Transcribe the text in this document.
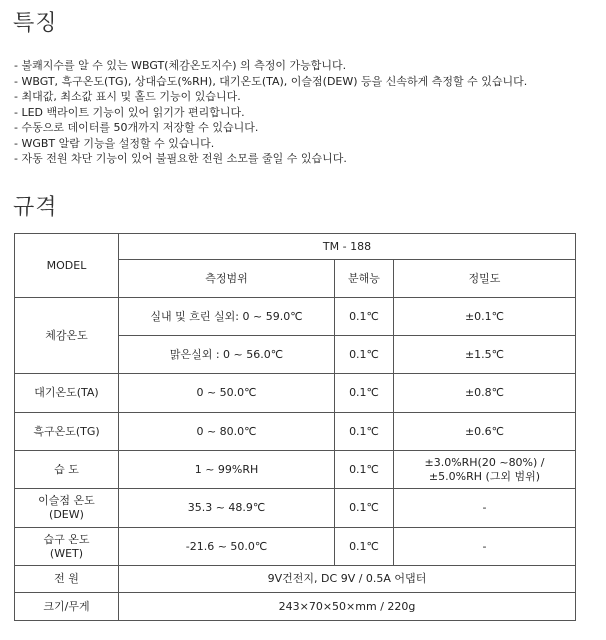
특징
- 불쾌지수를 알 수 있는 WBGT(체감온도지수) 의 측정이 가능합니다.
- WBGT, 흑구온도(TG), 상대습도(%RH), 대기온도(TA), 이슬점(DEW) 등을 신속하게 측정할 수 있습니다.
- 최대값, 최소값 표시 및 홀드 기능이 있습니다.
- LED 백라이트 기능이 있어 읽기가 편리합니다.
- 수동으로 데이터를 50개까지 저장할 수 있습니다.
- WGBT 알람 기능을 설정할 수 있습니다.
- 자동 전원 차단 기능이 있어 불필요한 전원 소모를 줄일 수 있습니다.
규격
MODEL	TM - 188		
	측정범위	분해능	정밀도
체감온도	실내 및 흐린 실외: 0 ~ 59.0℃	0.1℃	±0.1℃
	맑은실외 : 0 ~ 56.0℃	0.1℃	±1.5℃
대기온도(TA)	0 ~ 50.0℃	0.1℃	±0.8℃
흑구온도(TG)	0 ~ 80.0℃	0.1℃	±0.6℃
습 도	1 ~ 99%RH	0.1℃	±3.0%RH(20 ~80%) /
±5.0%RH (그외 범위)
이슬점 온도
(DEW)	35.3 ~ 48.9℃	0.1℃	-
습구 온도
(WET)	-21.6 ~ 50.0℃	0.1℃	-
전 원	9V건전지, DC 9V / 0.5A 어댑터		
크기/무게	243×70×50×mm / 220g		
